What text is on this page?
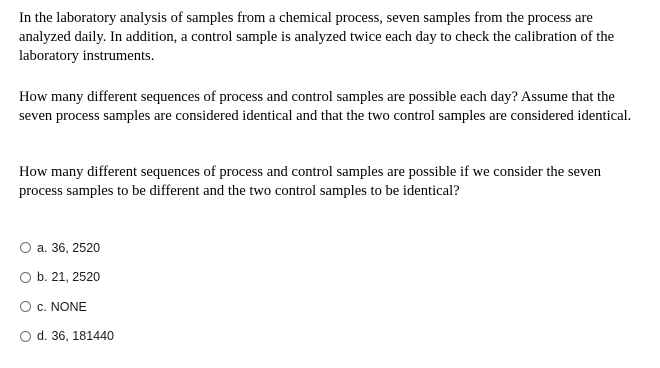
In the laboratory analysis of samples from a chemical process, seven samples from the process are analyzed daily. In addition, a control sample is analyzed twice each day to check the calibration of the laboratory instruments.

How many different sequences of process and control samples are possible each day? Assume that the seven process samples are considered identical and that the two control samples are considered identical.

How many different sequences of process and control samples are possible if we consider the seven process samples to be different and the two control samples to be identical?

a. 36, 2520
b. 21, 2520
c. NONE
d. 36, 181440
